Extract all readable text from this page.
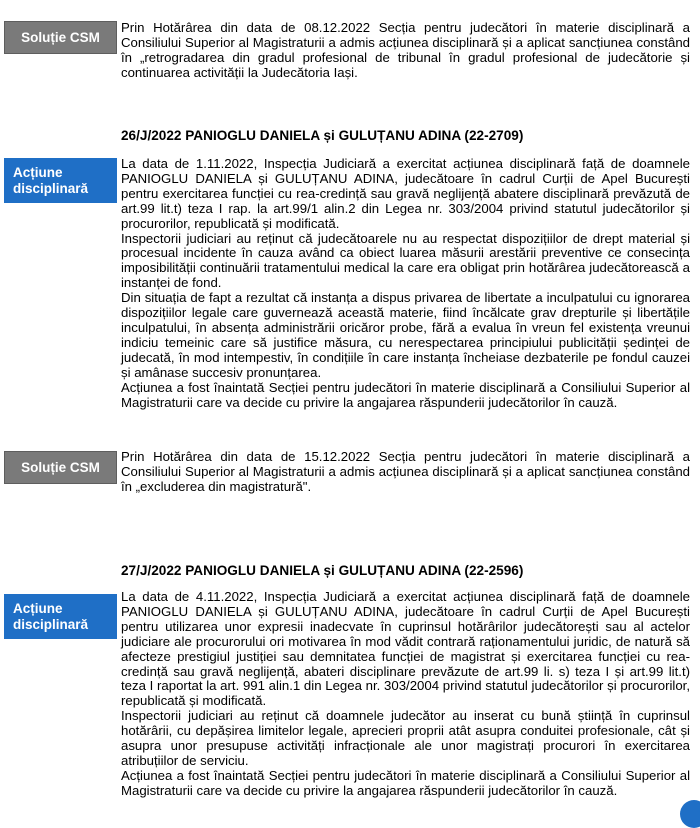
Soluție CSM

Prin Hotărârea din data de 08.12.2022 Secția pentru judecători în materie disciplinară a Consiliului Superior al Magistraturii a admis acțiunea disciplinară și a aplicat sancțiunea constând în „retrogradarea din gradul profesional de tribunal în gradul profesional de judecătorie și continuarea activității la Judecătoria Iași.

26/J/2022 PANIOGLU DANIELA și GULUȚANU ADINA (22-2709)
Acțiune disciplinară

La data de 1.11.2022, Inspecția Judiciară a exercitat acțiunea disciplinară față de doamnele PANIOGLU DANIELA și GULUȚANU ADINA, judecătoare în cadrul Curții de Apel București pentru exercitarea funcției cu rea-credință sau gravă neglijență abatere disciplinară prevăzută de art.99 lit.t) teza I rap. la art.99/1 alin.2 din Legea nr. 303/2004 privind statutul judecătorilor și procurorilor, republicată și modificată.

Inspectorii judiciari au reținut că judecătoarele nu au respectat dispozițiilor de drept material și procesual incidente în cauza având ca obiect luarea măsurii arestării preventive ce consecința imposibilității continuării tratamentului medical la care era obligat prin hotărârea judecătorească a instanței de fond.

Din situația de fapt a rezultat că instanța a dispus privarea de libertate a inculpatului cu ignorarea dispozițiilor legale care guvernează această materie, fiind încălcate grav drepturile și libertățile inculpatului, în absența administrării oricăror probe, fără a evalua în vreun fel existența vreunui indiciu temeinic care să justifice măsura, cu nerespectarea principiului publicității ședinței de judecată, în mod intempestiv, în condițiile în care instanța încheiase dezbaterile pe fondul cauzei și amânase succesiv pronunțarea.

Acțiunea a fost înaintată Secției pentru judecători în materie disciplinară a Consiliului Superior al Magistraturii care va decide cu privire la angajarea răspunderii judecătorilor în cauză.

Soluție CSM

Prin Hotărârea din data de 15.12.2022 Secția pentru judecători în materie disciplinară a Consiliului Superior al Magistraturii a admis acțiunea disciplinară și a aplicat sancțiunea constând în „excluderea din magistratură".

27/J/2022 PANIOGLU DANIELA și GULUȚANU ADINA (22-2596)
Acțiune disciplinară

La data de 4.11.2022, Inspecția Judiciară a exercitat acțiunea disciplinară față de doamnele PANIOGLU DANIELA și GULUȚANU ADINA, judecătoare în cadrul Curții de Apel București pentru utilizarea unor expresii inadecvate în cuprinsul hotărârilor judecătorești sau al actelor judiciare ale procurorului ori motivarea în mod vădit contrară raționamentului juridic, de natură să afecteze prestigiul justiției sau demnitatea funcției de magistrat și exercitarea funcției cu rea-credință sau gravă neglijență, abateri disciplinare prevăzute de art.99 li. s) teza I și art.99 lit.t) teza I raportat la art. 991 alin.1 din Legea nr. 303/2004 privind statutul judecătorilor și procurorilor, republicată și modificată.

Inspectorii judiciari au reținut că doamnele judecător au inserat cu bună știință în cuprinsul hotărârii, cu depășirea limitelor legale, aprecieri proprii atât asupra conduitei profesionale, cât și asupra unor presupuse activități infracționale ale unor magistrați procurori în exercitarea atribuțiilor de serviciu.

Acțiunea a fost înaintată Secției pentru judecători în materie disciplinară a Consiliului Superior al Magistraturii care va decide cu privire la angajarea răspunderii judecătorilor în cauză.
